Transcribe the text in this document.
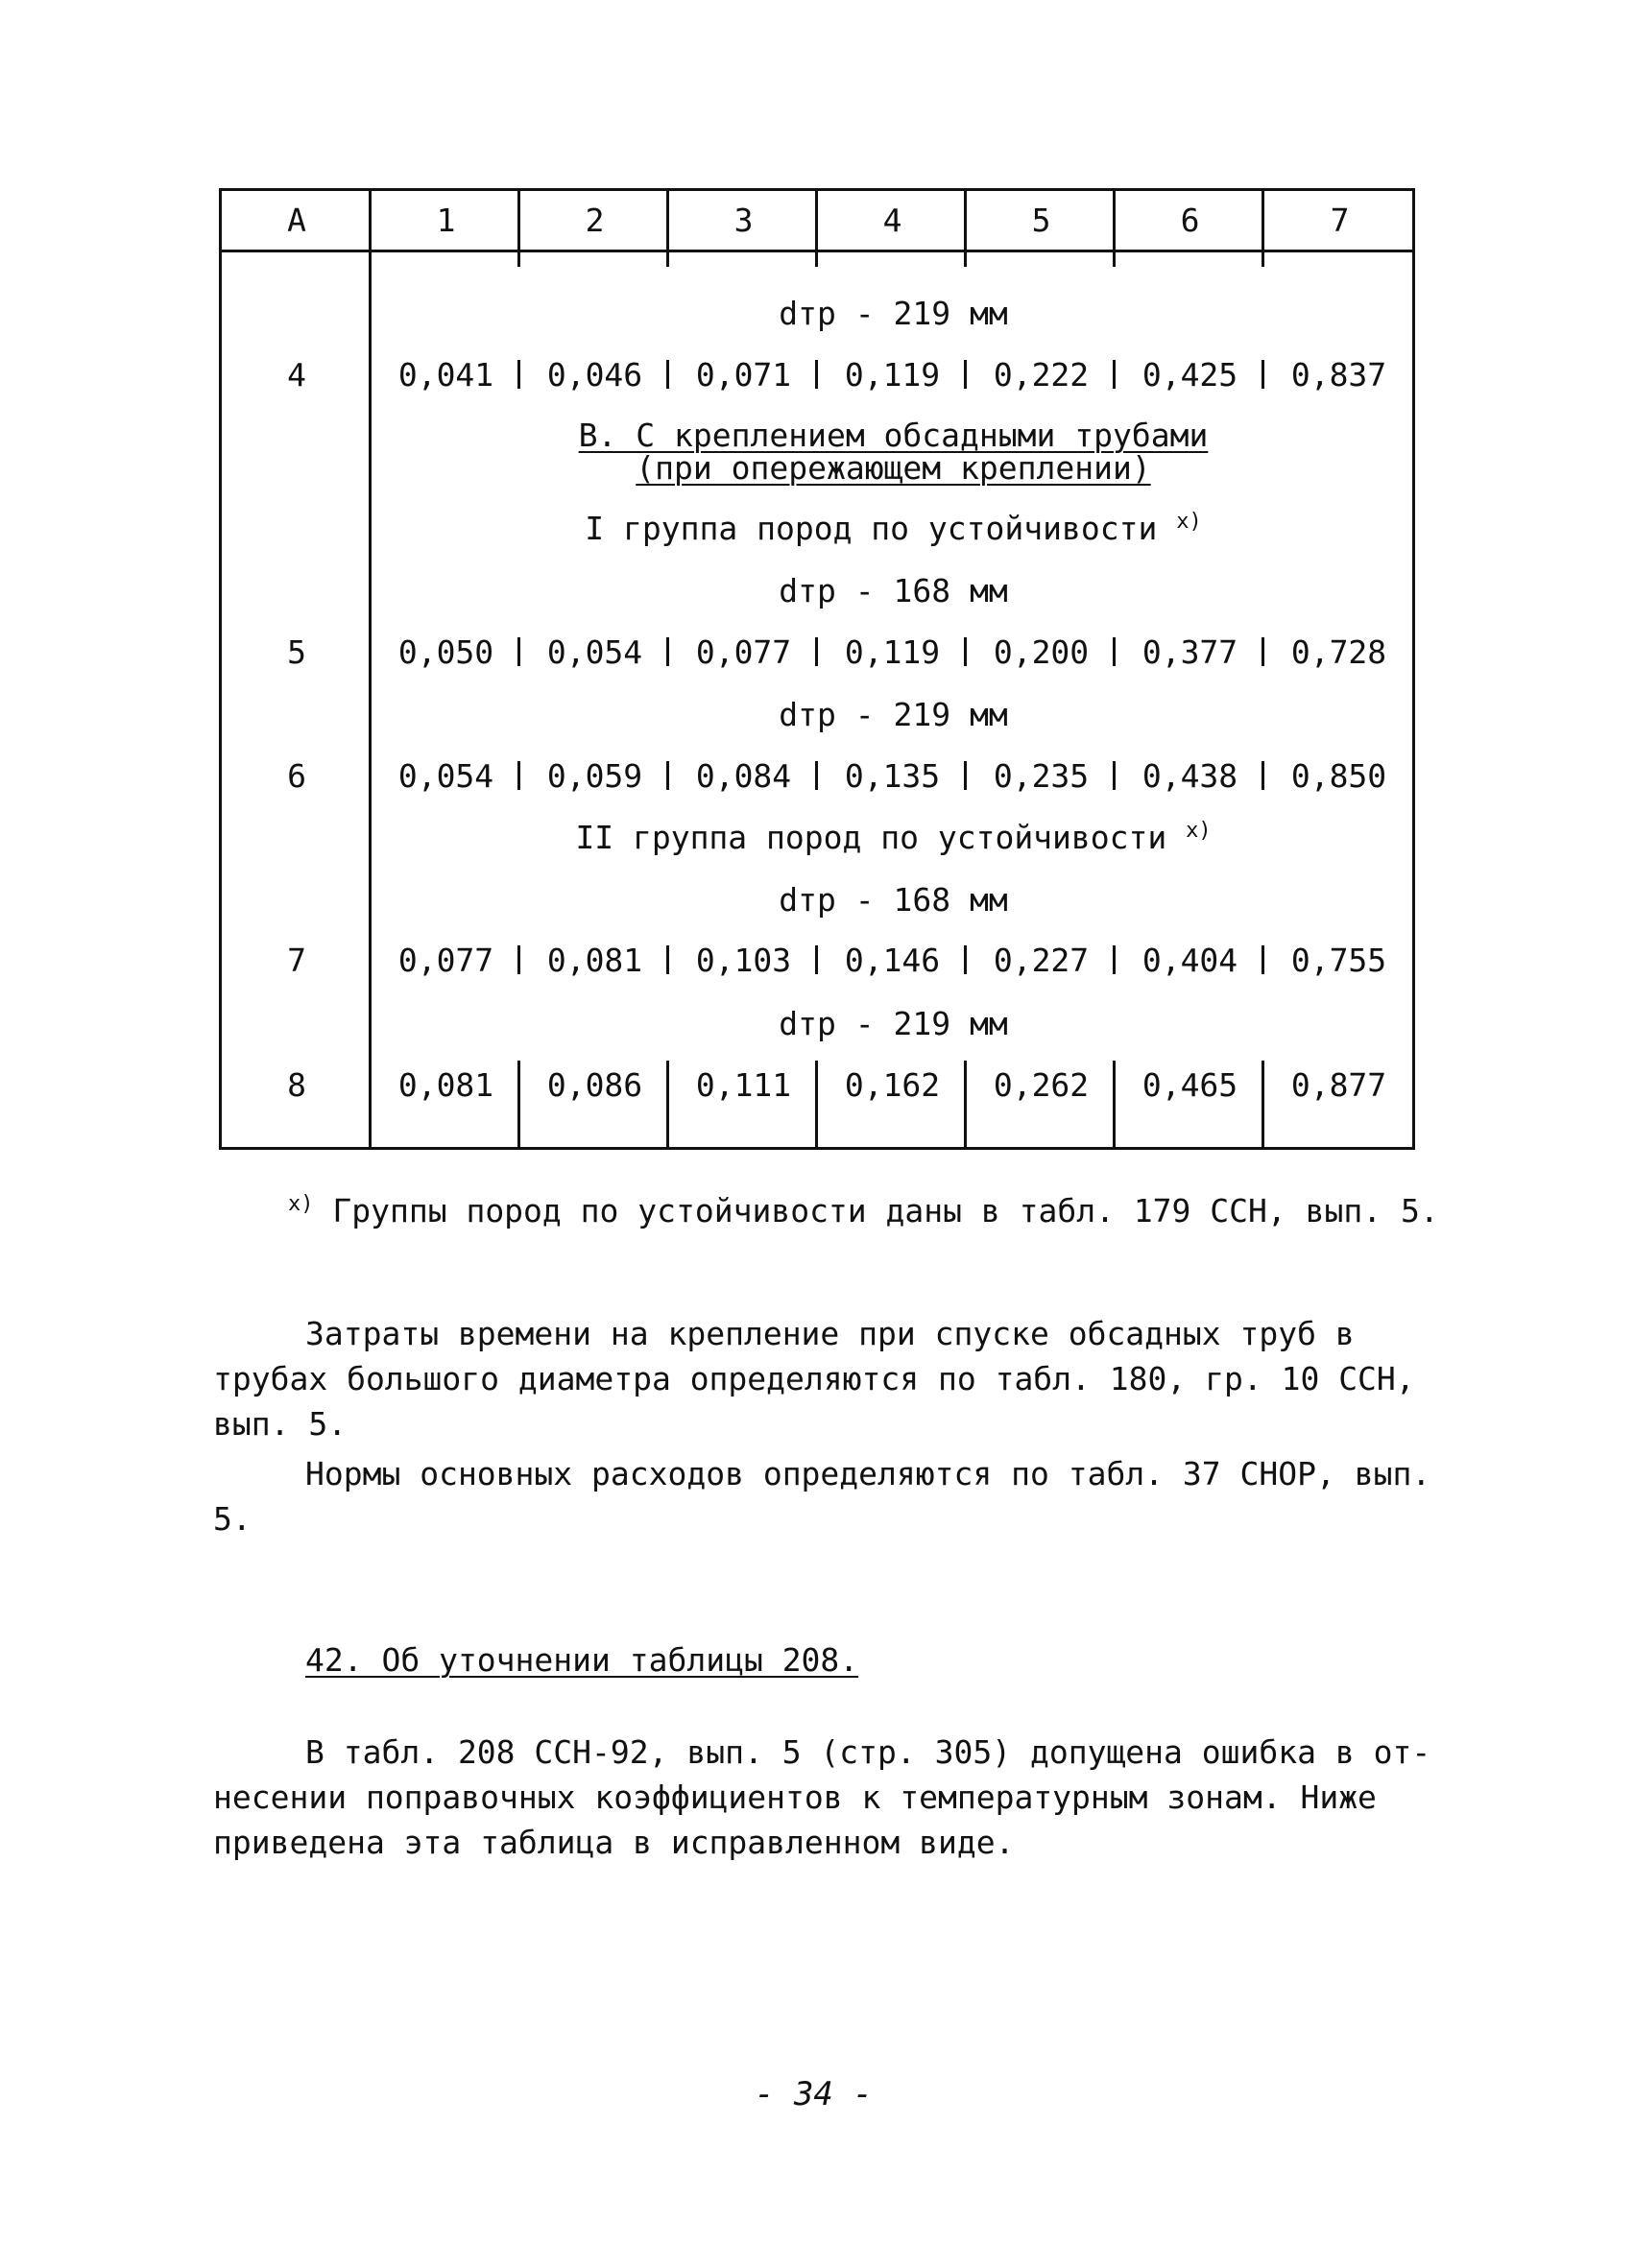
А	1	2	3	4	5	6	7
dтр - 219 мм
4	0,041	0,046	0,071	0,119	0,222	0,425	0,837
В. С креплением обсадными трубами
(при опережающем креплении)
I группа пород по устойчивости $^{x)}$
dтр - 168 мм
5	0,050	0,054	0,077	0,119	0,200	0,377	0,728
dтр - 219 мм
6	0,054	0,059	0,084	0,135	0,235	0,438	0,850
II группа пород по устойчивости $^{x)}$
dтр - 168 мм
7	0,077	0,081	0,103	0,146	0,227	0,404	0,755
dтр - 219 мм
8	0,081	0,086	0,111	0,162	0,262	0,465	0,877
$^{x)}$ Группы пород по устойчивости даны в табл. 179 ССН, вып. 5.
Затраты времени на крепление при спуске обсадных труб в
трубах большого диаметра определяются по табл. 180, гр. 10 ССН,
вып. 5.
Нормы основных расходов определяются по табл. 37 СНОР, вып.
5.
42. Об уточнении таблицы 208.
В табл. 208 ССН-92, вып. 5 (стр. 305) допущена ошибка в от-
несении поправочных коэффициентов к температурным зонам. Ниже
приведена эта таблица в исправленном виде.
- 34 -
